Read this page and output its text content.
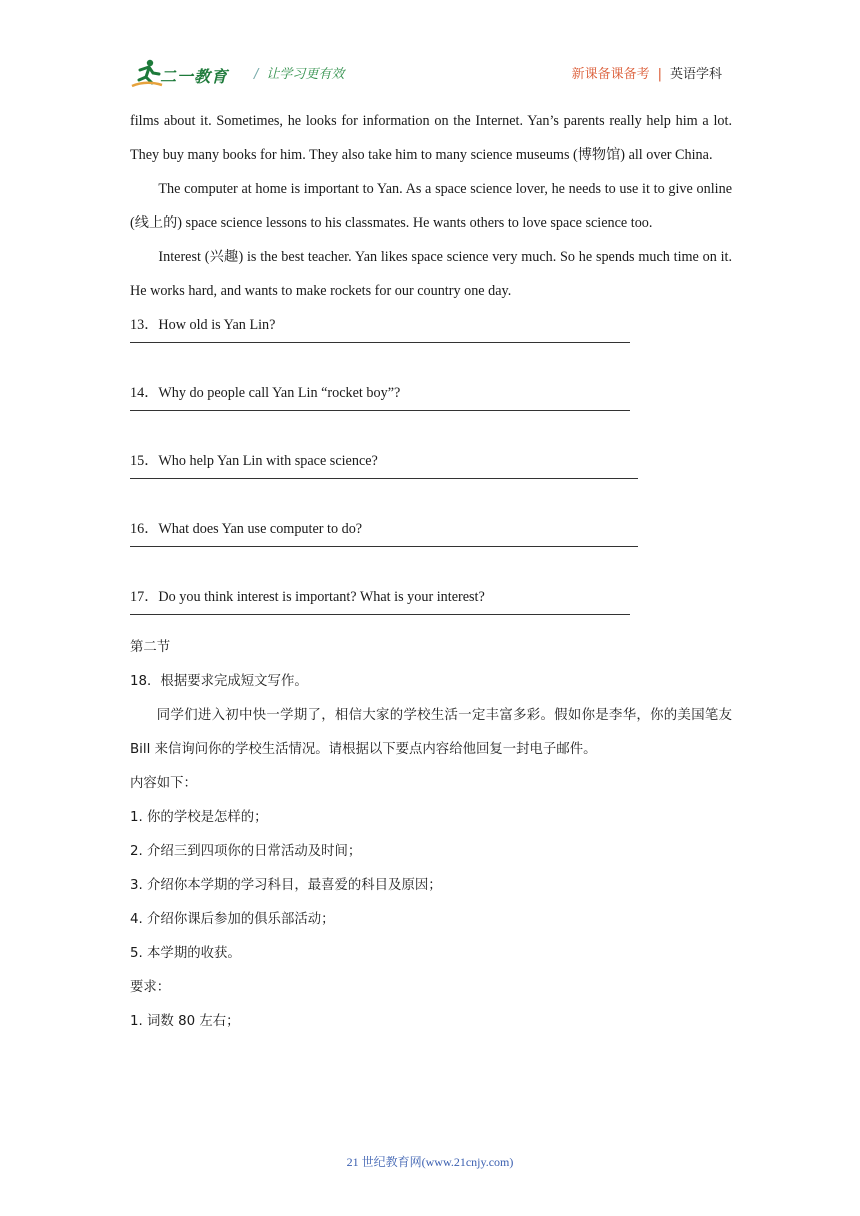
二一教育 / 让学习更有效	新课备课备考 | 英语学科

films about it. Sometimes, he looks for information on the Internet. Yan’s parents really help him a lot. They buy many books for him. They also take him to many science museums (博物馆) all over China.

The computer at home is important to Yan. As a space science lover, he needs to use it to give online (线上的) space science lessons to his classmates. He wants others to love space science too.

Interest (兴趣) is the best teacher. Yan likes space science very much. So he spends much time on it. He works hard, and wants to make rockets for our country one day.

13．How old is Yan Lin?
14．Why do people call Yan Lin “rocket boy”?
15．Who help Yan Lin with space science?
16．What does Yan use computer to do?
17．Do you think interest is important? What is your interest?

第二节

18．根据要求完成短文写作。

同学们进入初中快一学期了，相信大家的学校生活一定丰富多彩。假如你是李华，你的美国笔友 Bill 来信询问你的学校生活情况。请根据以下要点内容给他回复一封电子邮件。

内容如下：

1. 你的学校是怎样的；

2. 介绍三到四项你的日常活动及时间；

3. 介绍你本学期的学习科目，最喜爱的科目及原因；

4. 介绍你课后参加的俱乐部活动；

5. 本学期的收获。

要求：

1. 词数 80 左右；

21 世纪教育网(www.21cnjy.com)
